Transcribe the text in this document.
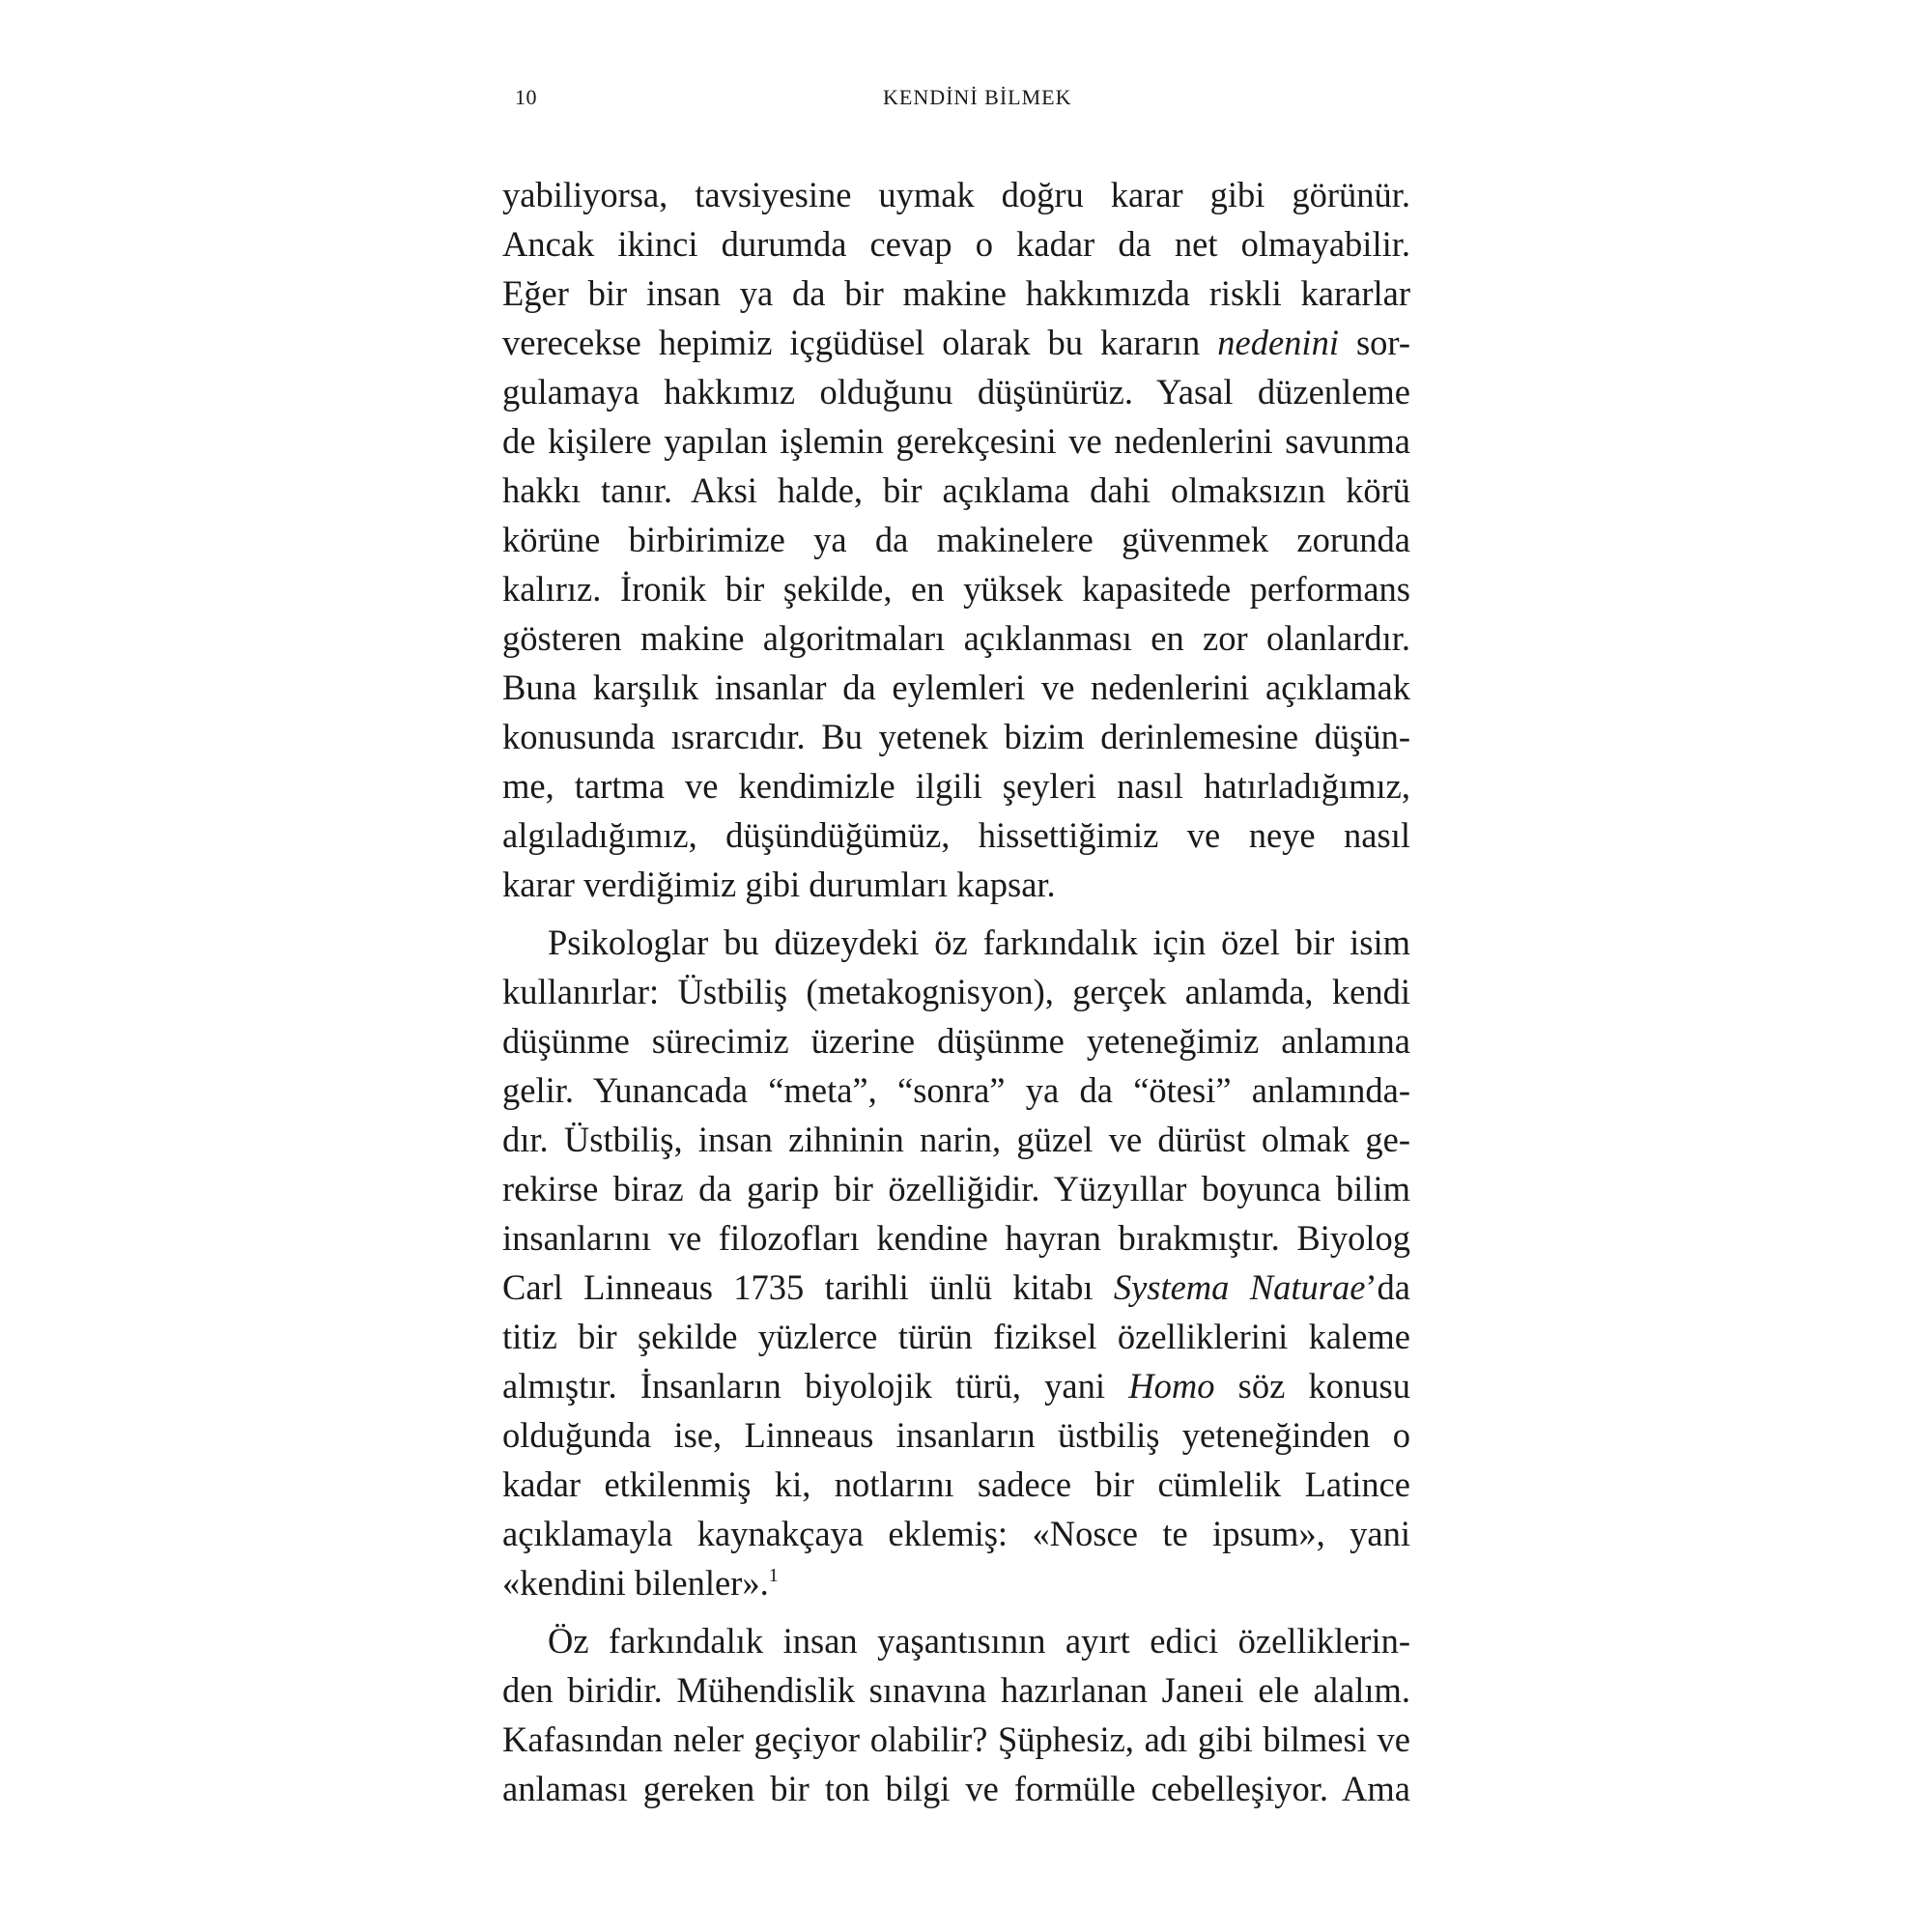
10	KENDİNİ BİLMEK
yabiliyorsa, tavsiyesine uymak doğru karar gibi görünür.
Ancak ikinci durumda cevap o kadar da net olmayabilir.
Eğer bir insan ya da bir makine hakkımızda riskli kararlar
verecekse hepimiz içgüdüsel olarak bu kararın nedenini sor-
gulamaya hakkımız olduğunu düşünürüz. Yasal düzenleme
de kişilere yapılan işlemin gerekçesini ve nedenlerini savunma
hakkı tanır. Aksi halde, bir açıklama dahi olmaksızın körü
körüne birbirimize ya da makinelere güvenmek zorunda
kalırız. İronik bir şekilde, en yüksek kapasitede performans
gösteren makine algoritmaları açıklanması en zor olanlardır.
Buna karşılık insanlar da eylemleri ve nedenlerini açıklamak
konusunda ısrarcıdır. Bu yetenek bizim derinlemesine düşün-
me, tartma ve kendimizle ilgili şeyleri nasıl hatırladığımız,
algıladığımız, düşündüğümüz, hissettiğimiz ve neye nasıl
karar verdiğimiz gibi durumları kapsar.
Psikologlar bu düzeydeki öz farkındalık için özel bir isim
kullanırlar: Üstbiliş (metakognisyon), gerçek anlamda, kendi
düşünme sürecimiz üzerine düşünme yeteneğimiz anlamına
gelir. Yunancada “meta”, “sonra” ya da “ötesi” anlamında-
dır. Üstbiliş, insan zihninin narin, güzel ve dürüst olmak ge-
rekirse biraz da garip bir özelliğidir. Yüzyıllar boyunca bilim
insanlarını ve filozofları kendine hayran bırakmıştır. Biyolog
Carl Linneaus 1735 tarihli ünlü kitabı Systema Naturae’da
titiz bir şekilde yüzlerce türün fiziksel özelliklerini kaleme
almıştır. İnsanların biyolojik türü, yani Homo söz konusu
olduğunda ise, Linneaus insanların üstbiliş yeteneğinden o
kadar etkilenmiş ki, notlarını sadece bir cümlelik Latince
açıklamayla kaynakçaya eklemiş: «Nosce te ipsum», yani
«kendini bilenler».$^1$
Öz farkındalık insan yaşantısının ayırt edici özelliklerin-
den biridir. Mühendislik sınavına hazırlanan Janeıi ele alalım.
Kafasından neler geçiyor olabilir? Şüphesiz, adı gibi bilmesi ve
anlaması gereken bir ton bilgi ve formülle cebelleşiyor. Ama
